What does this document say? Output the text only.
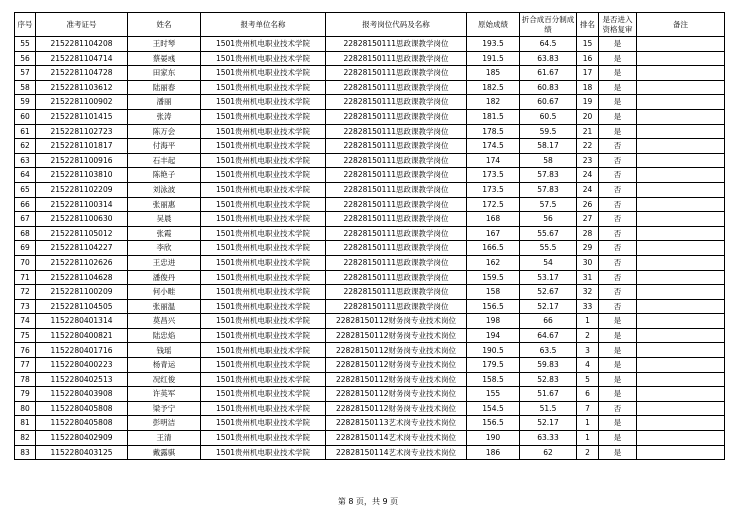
序号	准考证号	姓名	报考单位名称	报考岗位代码及名称	原始成绩	折合成百分制成绩	排名	是否进入资格复审	备注
55	2152281104208	王时琴	1501贵州机电职业技术学院	22828150111思政课教学岗位	193.5	64.5	15	是	
56	2152281104714	蔡晏彧	1501贵州机电职业技术学院	22828150111思政课教学岗位	191.5	63.83	16	是	
57	2152281104728	田家东	1501贵州机电职业技术学院	22828150111思政课教学岗位	185	61.67	17	是	
58	2152281103612	陆丽春	1501贵州机电职业技术学院	22828150111思政课教学岗位	182.5	60.83	18	是	
59	2152281100902	潘丽	1501贵州机电职业技术学院	22828150111思政课教学岗位	182	60.67	19	是	
60	2152281101415	张涛	1501贵州机电职业技术学院	22828150111思政课教学岗位	181.5	60.5	20	是	
61	2152281102723	陈万会	1501贵州机电职业技术学院	22828150111思政课教学岗位	178.5	59.5	21	是	
62	2152281101817	付海平	1501贵州机电职业技术学院	22828150111思政课教学岗位	174.5	58.17	22	否	
63	2152281100916	石丰起	1501贵州机电职业技术学院	22828150111思政课教学岗位	174	58	23	否	
64	2152281103810	陈艳子	1501贵州机电职业技术学院	22828150111思政课教学岗位	173.5	57.83	24	否	
65	2152281102209	刘泳波	1501贵州机电职业技术学院	22828150111思政课教学岗位	173.5	57.83	24	否	
66	2152281100314	张丽惠	1501贵州机电职业技术学院	22828150111思政课教学岗位	172.5	57.5	26	否	
67	2152281100630	吴晨	1501贵州机电职业技术学院	22828150111思政课教学岗位	168	56	27	否	
68	2152281105012	张霞	1501贵州机电职业技术学院	22828150111思政课教学岗位	167	55.67	28	否	
69	2152281104227	李欣	1501贵州机电职业技术学院	22828150111思政课教学岗位	166.5	55.5	29	否	
70	2152281102626	王忠进	1501贵州机电职业技术学院	22828150111思政课教学岗位	162	54	30	否	
71	2152281104628	潘俊丹	1501贵州机电职业技术学院	22828150111思政课教学岗位	159.5	53.17	31	否	
72	2152281100209	何小畦	1501贵州机电职业技术学院	22828150111思政课教学岗位	158	52.67	32	否	
73	2152281104505	张丽温	1501贵州机电职业技术学院	22828150111思政课教学岗位	156.5	52.17	33	否	
74	1152280401314	莫昌兴	1501贵州机电职业技术学院	22828150112财务岗专业技术岗位	198	66	1	是	
75	1152280400821	陆忠焰	1501贵州机电职业技术学院	22828150112财务岗专业技术岗位	194	64.67	2	是	
76	1152280401716	钱瑶	1501贵州机电职业技术学院	22828150112财务岗专业技术岗位	190.5	63.5	3	是	
77	1152280400223	杨青运	1501贵州机电职业技术学院	22828150112财务岗专业技术岗位	179.5	59.83	4	是	
78	1152280402513	况红俊	1501贵州机电职业技术学院	22828150112财务岗专业技术岗位	158.5	52.83	5	是	
79	1152280403908	许英军	1501贵州机电职业技术学院	22828150112财务岗专业技术岗位	155	51.67	6	是	
80	1152280405808	梁予宁	1501贵州机电职业技术学院	22828150112财务岗专业技术岗位	154.5	51.5	7	否	
81	1152280405808	彭明洁	1501贵州机电职业技术学院	22828150113艺术岗专业技术岗位	156.5	52.17	1	是	
82	1152280402909	王清	1501贵州机电职业技术学院	22828150114艺术岗专业技术岗位	190	63.33	1	是	
83	1152280403125	戴露骐	1501贵州机电职业技术学院	22828150114艺术岗专业技术岗位	186	62	2	是	
第 8 页，共 9 页
